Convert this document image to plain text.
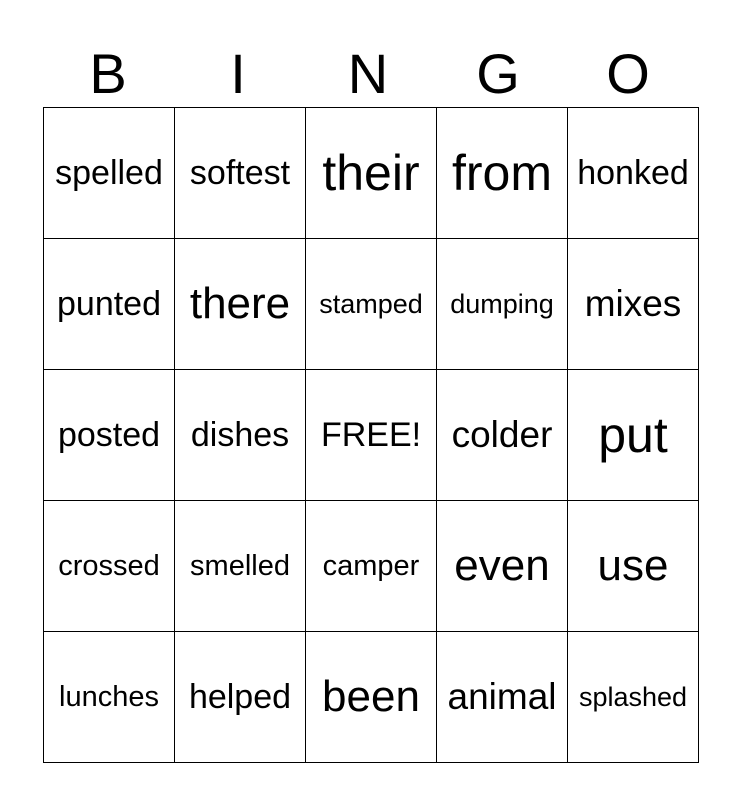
B	I	N	G	O
spelled	softest	their	from	honked
punted	there	stamped	dumping	mixes
posted	dishes	FREE!	colder	put
crossed	smelled	camper	even	use
lunches	helped	been	animal	splashed
